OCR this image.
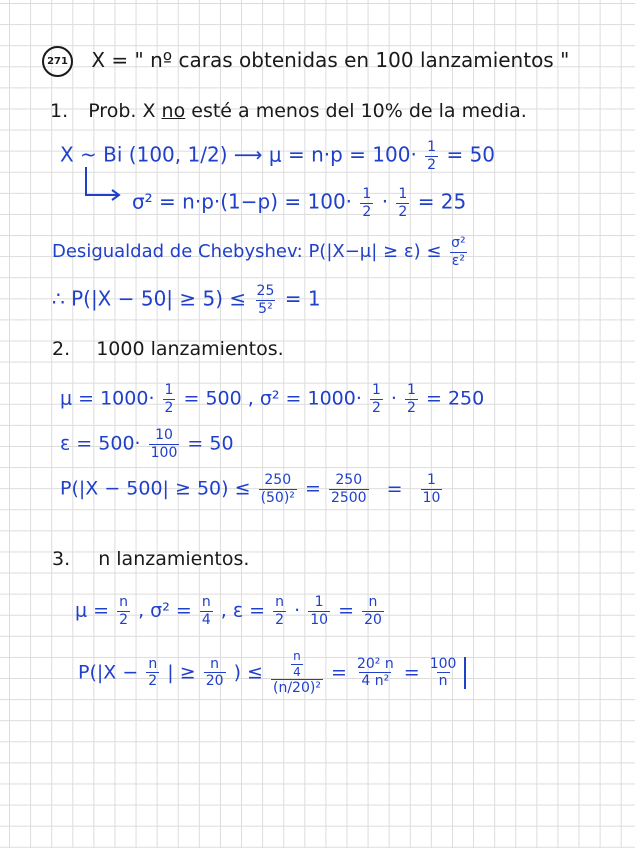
271 X = " nº caras obtenidas en 100 lanzamientos "
1. Prob. X no esté a menos del 10% de la media.
X ~ Bi (100, 1/2) ⟶ $\mu = n\cdot p = 100\cdot \frac{1}{2} = 50$
$\sigma^2 = n\cdot p\cdot(1-p) = 100\cdot \frac{1}{2} \cdot \frac{1}{2} = 25$
Desigualdad de Chebyshev: $P(|X-\mu| \ge \varepsilon) \le \frac{\text{σ²}}{\text{ε²}}$
∴ $P(|X - 50| \ge 5) \le \frac{25}{\text{5²}} = 1$
2. 1000 lanzamientos.
$\mu = 1000\cdot \frac{1}{2} = 500$ , $\sigma^2 = 1000\cdot \frac{1}{2} \cdot \frac{1}{2} = 250$
$\varepsilon = 500\cdot \frac{10}{100} = 50$
$P(|X - 500| \ge 50) \le \frac{250}{\text{(50)²}} = \frac{250}{2500} = \frac{1}{10}$
3. n lanzamientos.
$\mu = \frac{n}{2}$ , $\sigma^2 = \frac{n}{4}$ , $\varepsilon = \frac{n}{2} \cdot \frac{1}{10} = \frac{n}{20}$
$P(|X - \frac{n}{2}$ | ≥ $\frac{n}{20}$ ) ≤ $\frac{\frac{n}{4}}{\text{(n/20)²}} = \frac{\text{20² n}}{\text{4 n²}} = \frac{100}{n}$
